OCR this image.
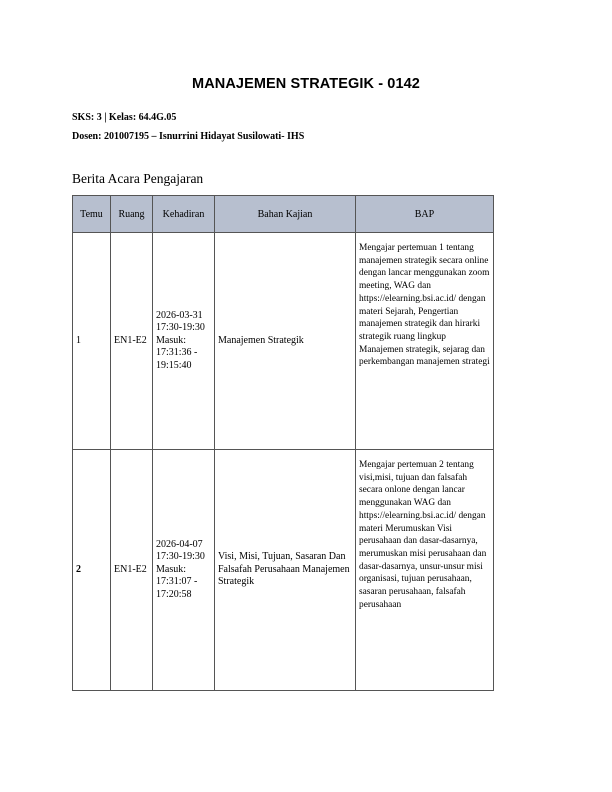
MANAJEMEN STRATEGIK - 0142
SKS: 3 | Kelas: 64.4G.05
Dosen: 201007195 – Isnurrini Hidayat Susilowati- IHS
Berita Acara Pengajaran
Temu	Ruang	Kehadiran	Bahan Kajian	BAP
1	EN1-E2	2026-03-31 17:30-19:30 Masuk: 17:31:36 - 19:15:40	Manajemen Strategik	Mengajar pertemuan 1 tentang manajemen strategik secara online dengan lancar menggunakan zoom meeting, WAG dan https://elearning.bsi.ac.id/ dengan materi Sejarah, Pengertian manajemen strategik dan hirarki strategik ruang lingkup Manajemen strategik, sejarag dan perkembangan manajemen strategi
2	EN1-E2	2026-04-07 17:30-19:30 Masuk: 17:31:07 - 17:20:58	Visi, Misi, Tujuan, Sasaran Dan Falsafah Perusahaan Manajemen Strategik	Mengajar pertemuan 2 tentang visi,misi, tujuan dan falsafah secara onlone dengan lancar menggunakan WAG dan https://elearning.bsi.ac.id/ dengan materi Merumuskan Visi perusahaan dan dasar-dasarnya, merumuskan misi perusahaan dan dasar-dasarnya, unsur-unsur misi organisasi, tujuan perusahaan, sasaran perusahaan, falsafah perusahaan
